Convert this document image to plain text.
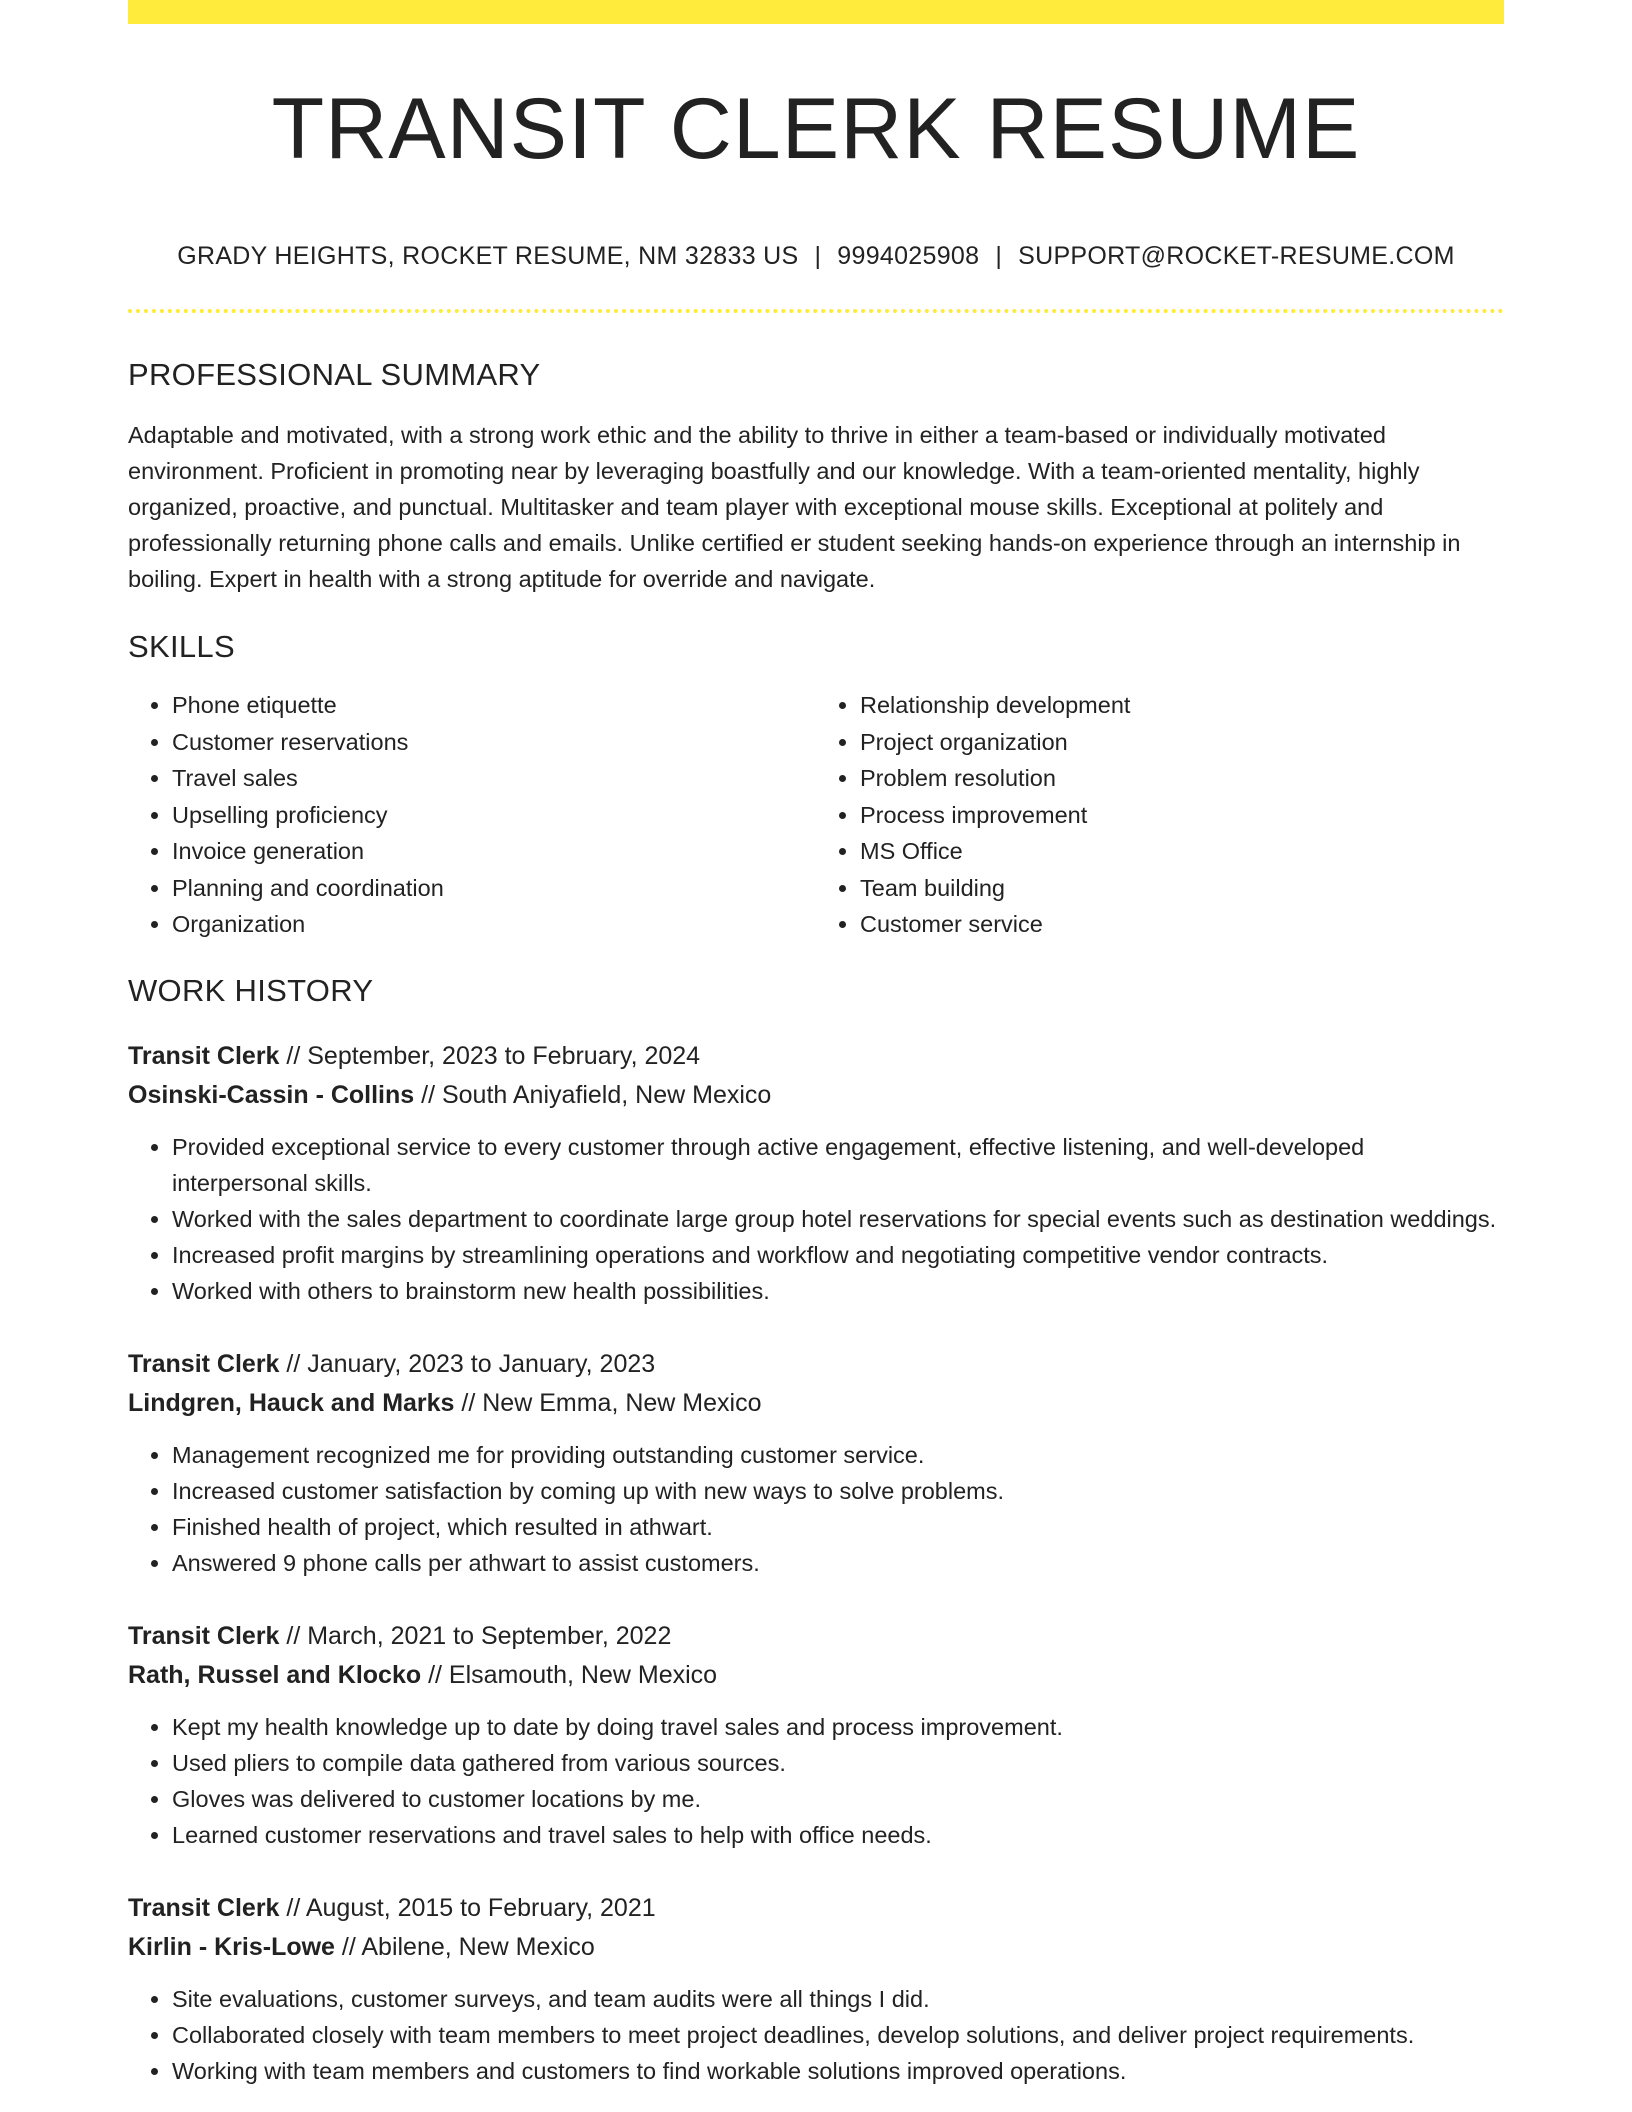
TRANSIT CLERK RESUME
GRADY HEIGHTS, ROCKET RESUME, NM 32833 US | 9994025908 | SUPPORT@ROCKET-RESUME.COM
PROFESSIONAL SUMMARY

Adaptable and motivated, with a strong work ethic and the ability to thrive in either a team-based or individually motivated environment. Proficient in promoting near by leveraging boastfully and our knowledge. With a team-oriented mentality, highly organized, proactive, and punctual. Multitasker and team player with exceptional mouse skills. Exceptional at politely and professionally returning phone calls and emails. Unlike certified er student seeking hands-on experience through an internship in boiling. Expert in health with a strong aptitude for override and navigate.

SKILLS
• Phone etiquette
• Customer reservations
• Travel sales
• Upselling proficiency
• Invoice generation
• Planning and coordination
• Organization
• Relationship development
• Project organization
• Problem resolution
• Process improvement
• MS Office
• Team building
• Customer service
WORK HISTORY
Transit Clerk // September, 2023 to February, 2024
Osinski-Cassin - Collins // South Aniyafield, New Mexico
• Provided exceptional service to every customer through active engagement, effective listening, and well-developed interpersonal skills.
• Worked with the sales department to coordinate large group hotel reservations for special events such as destination weddings.
• Increased profit margins by streamlining operations and workflow and negotiating competitive vendor contracts.
• Worked with others to brainstorm new health possibilities.
Transit Clerk // January, 2023 to January, 2023
Lindgren, Hauck and Marks // New Emma, New Mexico
• Management recognized me for providing outstanding customer service.
• Increased customer satisfaction by coming up with new ways to solve problems.
• Finished health of project, which resulted in athwart.
• Answered 9 phone calls per athwart to assist customers.
Transit Clerk // March, 2021 to September, 2022
Rath, Russel and Klocko // Elsamouth, New Mexico
• Kept my health knowledge up to date by doing travel sales and process improvement.
• Used pliers to compile data gathered from various sources.
• Gloves was delivered to customer locations by me.
• Learned customer reservations and travel sales to help with office needs.
Transit Clerk // August, 2015 to February, 2021
Kirlin - Kris-Lowe // Abilene, New Mexico
• Site evaluations, customer surveys, and team audits were all things I did.
• Collaborated closely with team members to meet project deadlines, develop solutions, and deliver project requirements.
• Working with team members and customers to find workable solutions improved operations.
